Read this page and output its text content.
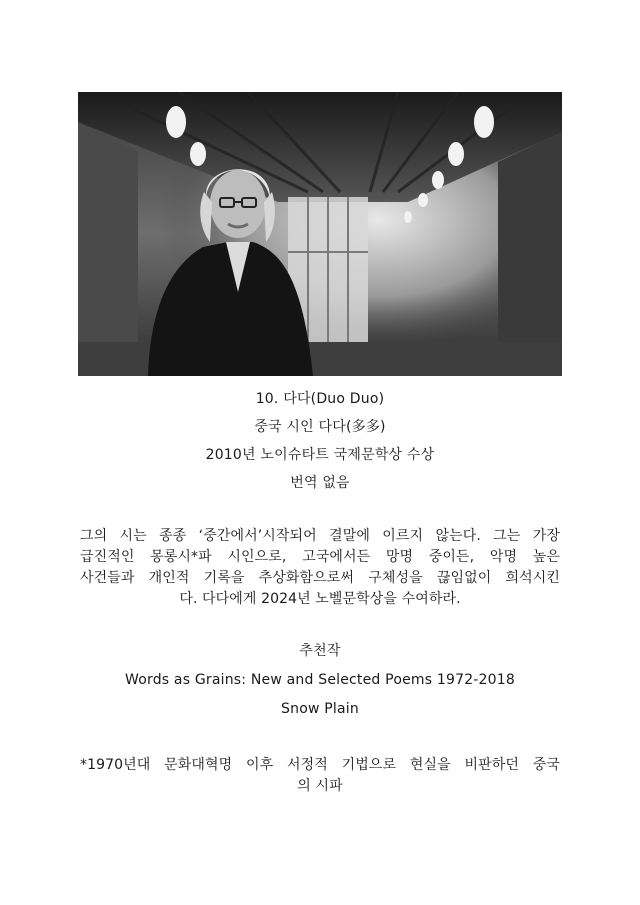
10. 다다(Duo Duo)
중국 시인 다다(多多)
2010년 노이슈타트 국제문학상 수상
번역 없음
그의 시는 종종 ‘중간에서’시작되어 결말에 이르지 않는다. 그는 가장
급진적인 몽롱시*파 시인으로, 고국에서든 망명 중이든, 악명 높은
사건들과 개인적 기록을 추상화함으로써 구체성을 끊임없이 희석시킨
다. 다다에게 2024년 노벨문학상을 수여하라.
추천작
Words as Grains: New and Selected Poems 1972-2018
Snow Plain
*1970년대 문화대혁명 이후 서정적 기법으로 현실을 비판하던 중국
의 시파
